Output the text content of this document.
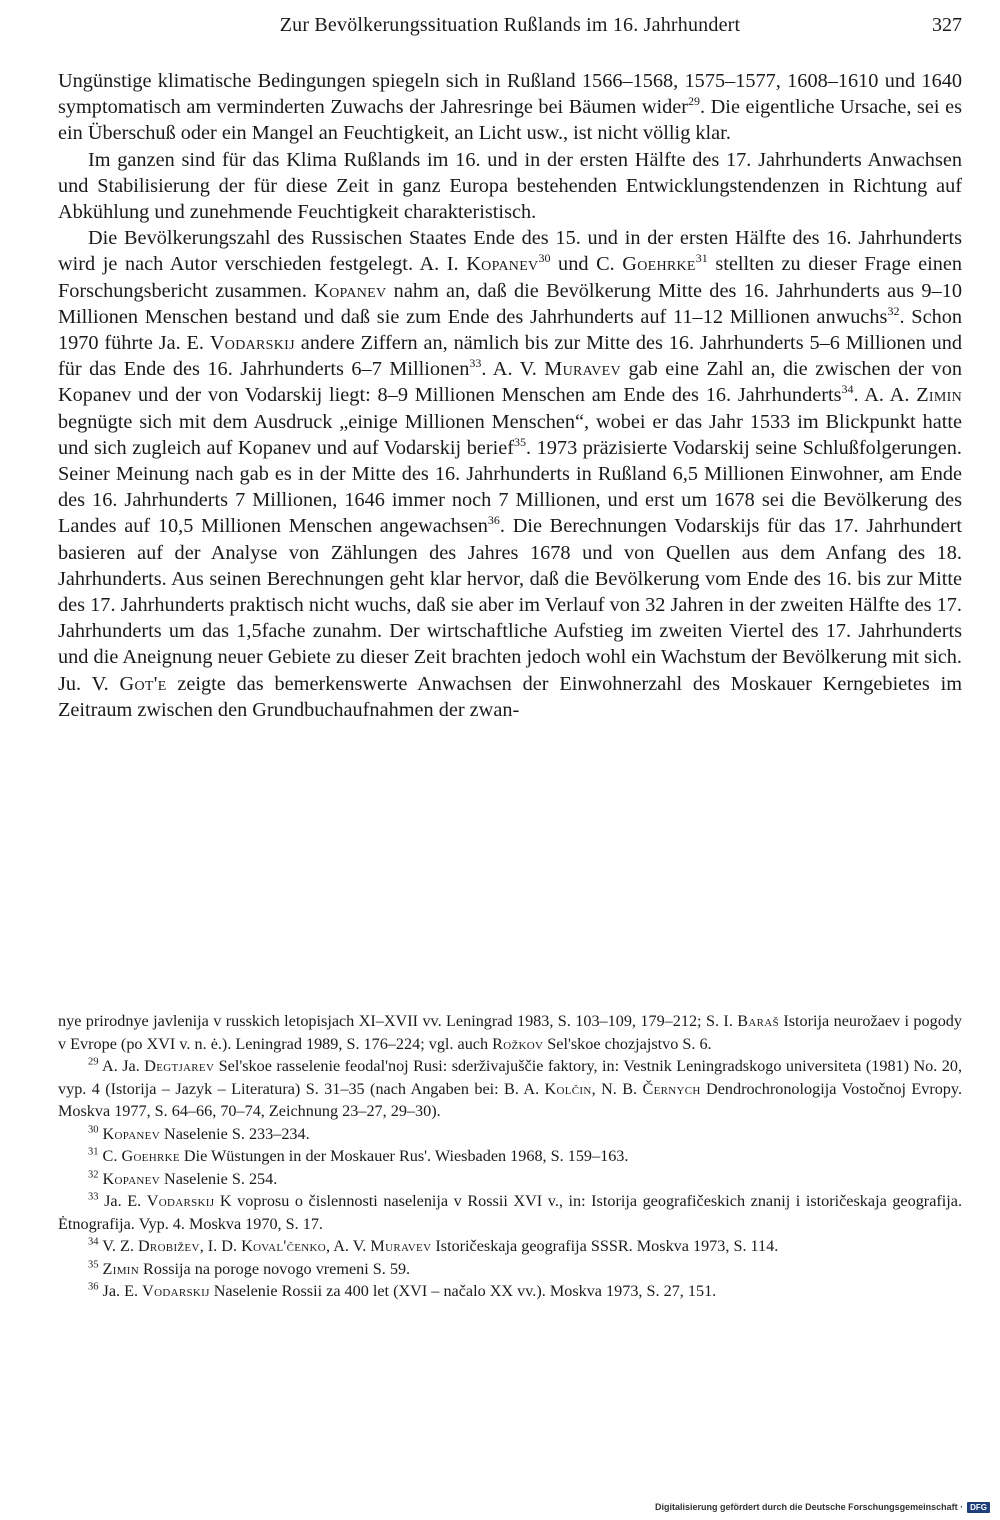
Zur Bevölkerungssituation Rußlands im 16. Jahrhundert	327

Ungünstige klimatische Bedingungen spiegeln sich in Rußland 1566–1568, 1575–1577, 1608–1610 und 1640 symptomatisch am verminderten Zuwachs der Jahresringe bei Bäumen wider$^{29}$. Die eigentliche Ursache, sei es ein Überschuß oder ein Mangel an Feuchtigkeit, an Licht usw., ist nicht völlig klar.

Im ganzen sind für das Klima Rußlands im 16. und in der ersten Hälfte des 17. Jahrhunderts Anwachsen und Stabilisierung der für diese Zeit in ganz Europa bestehenden Entwicklungstendenzen in Richtung auf Abkühlung und zunehmende Feuchtigkeit charakteristisch.

Die Bevölkerungszahl des Russischen Staates Ende des 15. und in der ersten Hälfte des 16. Jahrhunderts wird je nach Autor verschieden festgelegt. A. I. Kopanev$^{30}$ und C. Goehrke$^{31}$ stellten zu dieser Frage einen Forschungsbericht zusammen. Kopanev nahm an, daß die Bevölkerung Mitte des 16. Jahrhunderts aus 9–10 Millionen Menschen bestand und daß sie zum Ende des Jahrhunderts auf 11–12 Millionen anwuchs$^{32}$. Schon 1970 führte Ja. E. Vodarskij andere Ziffern an, nämlich bis zur Mitte des 16. Jahrhunderts 5–6 Millionen und für das Ende des 16. Jahrhunderts 6–7 Millionen$^{33}$. A. V. Muravev gab eine Zahl an, die zwischen der von Kopanev und der von Vodarskij liegt: 8–9 Millionen Menschen am Ende des 16. Jahrhunderts$^{34}$. A. A. Zimin begnügte sich mit dem Ausdruck „einige Millionen Menschen“, wobei er das Jahr 1533 im Blickpunkt hatte und sich zugleich auf Kopanev und auf Vodarskij berief$^{35}$. 1973 präzisierte Vodarskij seine Schlußfolgerungen. Seiner Meinung nach gab es in der Mitte des 16. Jahrhunderts in Rußland 6,5 Millionen Einwohner, am Ende des 16. Jahrhunderts 7 Millionen, 1646 immer noch 7 Millionen, und erst um 1678 sei die Bevölkerung des Landes auf 10,5 Millionen Menschen angewachsen$^{36}$. Die Berechnungen Vodarskijs für das 17. Jahrhundert basieren auf der Analyse von Zählungen des Jahres 1678 und von Quellen aus dem Anfang des 18. Jahrhunderts. Aus seinen Berechnungen geht klar hervor, daß die Bevölkerung vom Ende des 16. bis zur Mitte des 17. Jahrhunderts praktisch nicht wuchs, daß sie aber im Verlauf von 32 Jahren in der zweiten Hälfte des 17. Jahrhunderts um das 1,5fache zunahm. Der wirtschaftliche Aufstieg im zweiten Viertel des 17. Jahrhunderts und die Aneignung neuer Gebiete zu dieser Zeit brachten jedoch wohl ein Wachstum der Bevölkerung mit sich. Ju. V. Got'e zeigte das bemerkenswerte Anwachsen der Einwohnerzahl des Moskauer Kerngebietes im Zeitraum zwischen den Grundbuchaufnahmen der zwan-

nye prirodnye javlenija v russkich letopisjach XI–XVII vv. Leningrad 1983, S. 103–109, 179–212; S. I. Baraš Istorija neurožaev i pogody v Evrope (po XVI v. n. ė.). Leningrad 1989, S. 176–224; vgl. auch Rožkov Sel'skoe chozjajstvo S. 6.

$^{29}$ A. Ja. Degtjarev Sel'skoe rasselenie feodal'noj Rusi: sderživajuščie faktory, in: Vestnik Leningradskogo universiteta (1981) No. 20, vyp. 4 (Istorija – Jazyk – Literatura) S. 31–35 (nach Angaben bei: B. A. Kolčin, N. B. Černych Dendrochronologija Vostočnoj Evropy. Moskva 1977, S. 64–66, 70–74, Zeichnung 23–27, 29–30).

$^{30}$ Kopanev Naselenie S. 233–234.

$^{31}$ C. Goehrke Die Wüstungen in der Moskauer Rus'. Wiesbaden 1968, S. 159–163.

$^{32}$ Kopanev Naselenie S. 254.

$^{33}$ Ja. E. Vodarskij K voprosu o čislennosti naselenija v Rossii XVI v., in: Istorija geografičeskich znanij i istoričeskaja geografija. Ėtnografija. Vyp. 4. Moskva 1970, S. 17.

$^{34}$ V. Z. Drobižev, I. D. Koval'čenko, A. V. Muravev Istoričeskaja geografija SSSR. Moskva 1973, S. 114.

$^{35}$ Zimin Rossija na poroge novogo vremeni S. 59.

$^{36}$ Ja. E. Vodarskij Naselenie Rossii za 400 let (XVI – načalo XX vv.). Moskva 1973, S. 27, 151.

Digitalisierung gefördert durch die Deutsche Forschungsgemeinschaft · DFG
